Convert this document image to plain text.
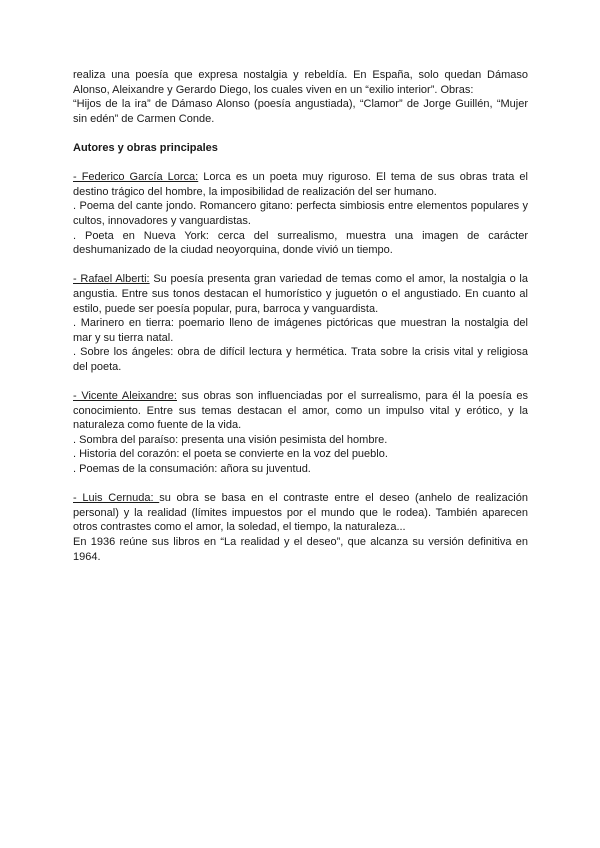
realiza una poesía que expresa nostalgia y rebeldía. En España, solo quedan Dámaso Alonso, Aleixandre y Gerardo Diego, los cuales viven en un “exilio interior”. Obras:

“Hijos de la ira” de Dámaso Alonso (poesía angustiada), “Clamor” de Jorge Guillén, “Mujer sin edén” de Carmen Conde.

Autores y obras principales

- Federico García Lorca: Lorca es un poeta muy riguroso. El tema de sus obras trata el destino trágico del hombre, la imposibilidad de realización del ser humano.

. Poema del cante jondo. Romancero gitano: perfecta simbiosis entre elementos populares y cultos, innovadores y vanguardistas.

. Poeta en Nueva York: cerca del surrealismo, muestra una imagen de carácter deshumanizado de la ciudad neoyorquina, donde vivió un tiempo.

- Rafael Alberti: Su poesía presenta gran variedad de temas como el amor, la nostalgia o la angustia. Entre sus tonos destacan el humorístico y juguetón o el angustiado. En cuanto al estilo, puede ser poesía popular, pura, barroca y vanguardista.

. Marinero en tierra: poemario lleno de imágenes pictóricas que muestran la nostalgia del mar y su tierra natal.

. Sobre los ángeles: obra de difícil lectura y hermética. Trata sobre la crisis vital y religiosa del poeta.

- Vicente Aleixandre: sus obras son influenciadas por el surrealismo, para él la poesía es conocimiento. Entre sus temas destacan el amor, como un impulso vital y erótico, y la naturaleza como fuente de la vida.

. Sombra del paraíso: presenta una visión pesimista del hombre.

. Historia del corazón: el poeta se convierte en la voz del pueblo.

. Poemas de la consumación: añora su juventud.

- Luis Cernuda: su obra se basa en el contraste entre el deseo (anhelo de realización personal) y la realidad (límites impuestos por el mundo que le rodea). También aparecen otros contrastes como el amor, la soledad, el tiempo, la naturaleza...

En 1936 reúne sus libros en “La realidad y el deseo”, que alcanza su versión definitiva en 1964.
